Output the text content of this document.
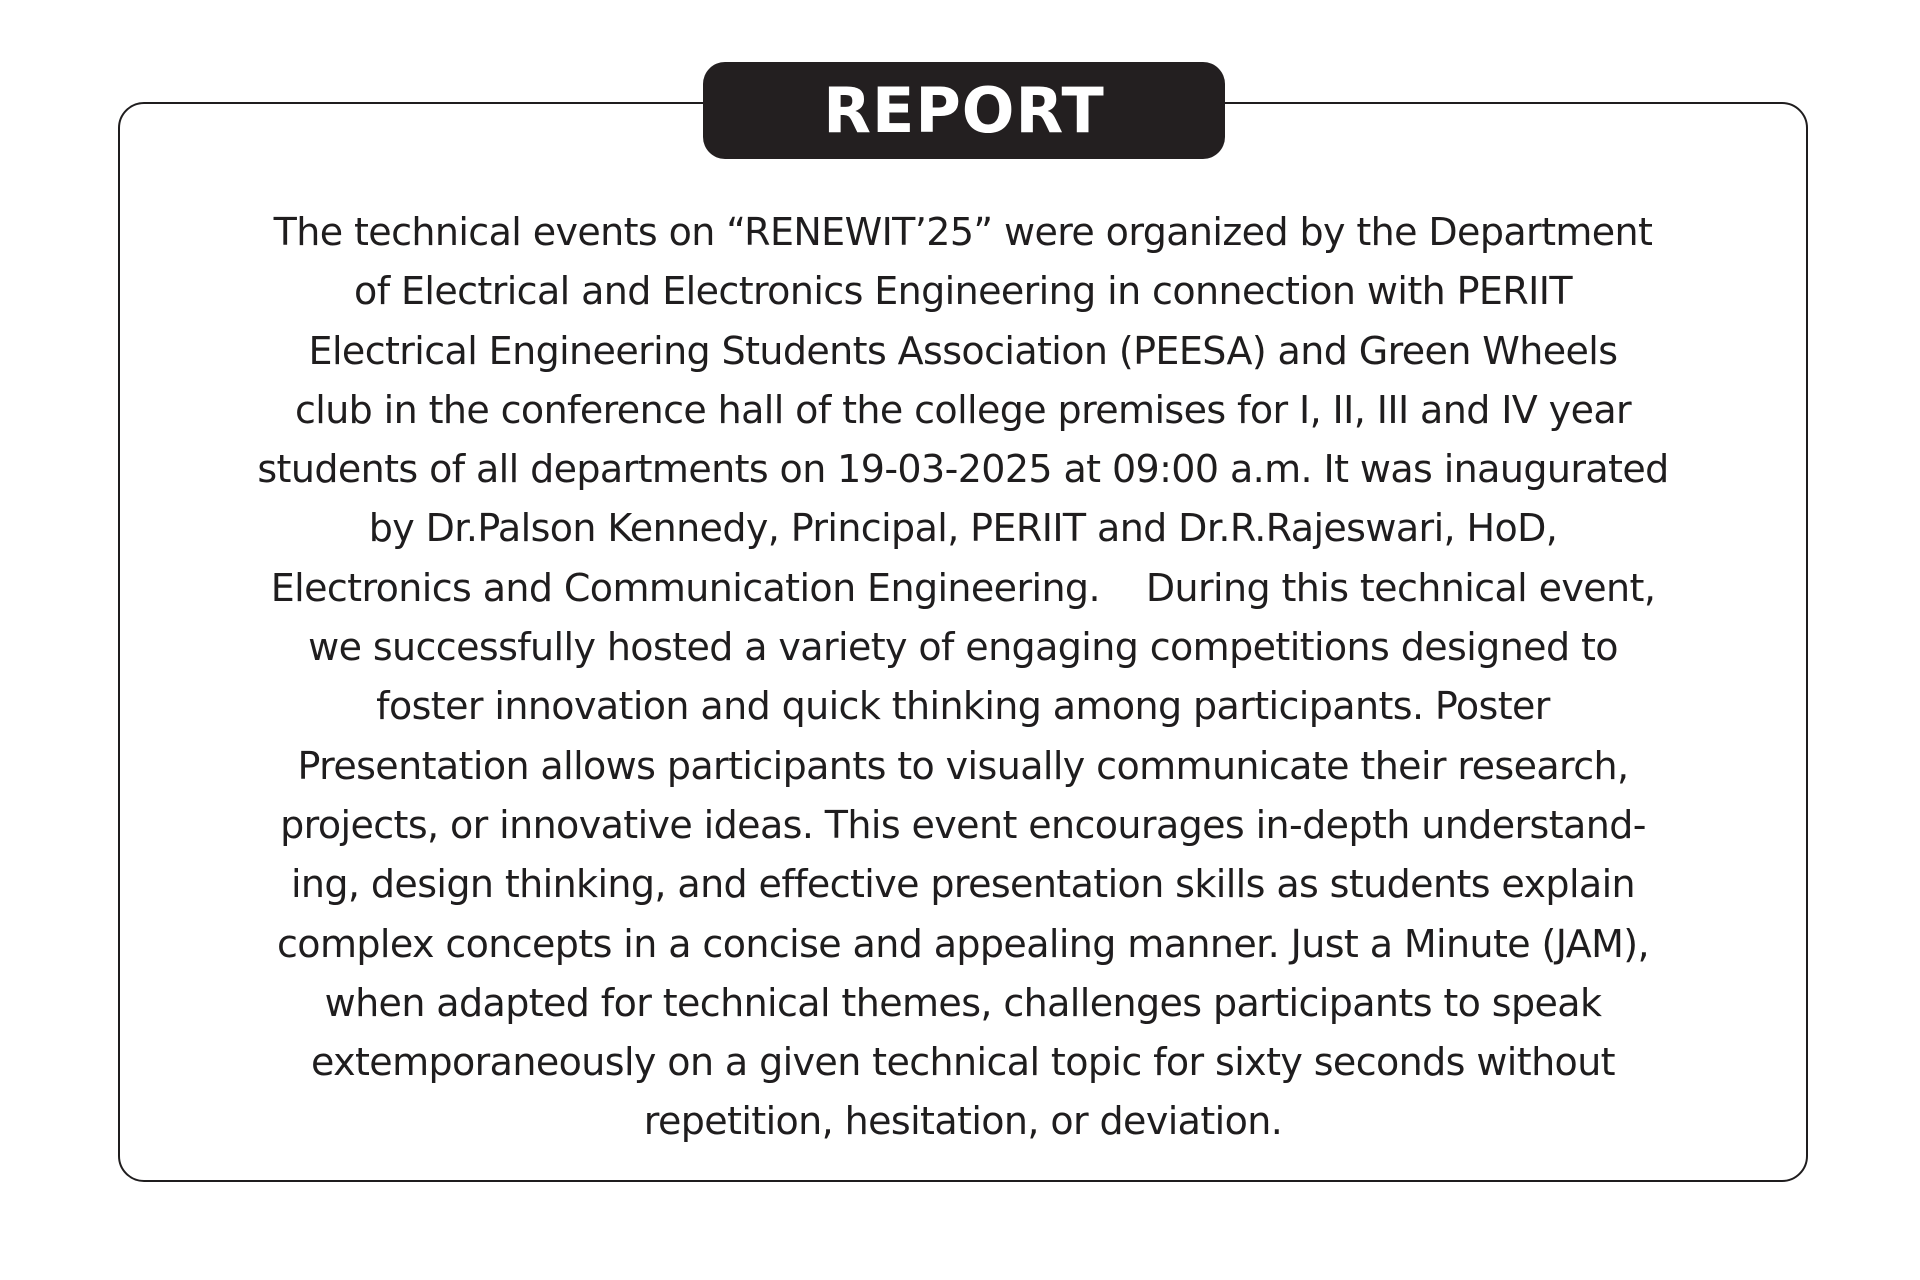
REPORT

The technical events on “RENEWIT’25” were organized by the Department
of Electrical and Electronics Engineering in connection with PERIIT
Electrical Engineering Students Association (PEESA) and Green Wheels
club in the conference hall of the college premises for I, II, III and IV year
students of all departments on 19-03-2025 at 09:00 a.m. It was inaugurated
by Dr.Palson Kennedy, Principal, PERIIT and Dr.R.Rajeswari, HoD,
Electronics and Communication Engineering.    During this technical event,
we successfully hosted a variety of engaging competitions designed to
foster innovation and quick thinking among participants. Poster
Presentation allows participants to visually communicate their research,
projects, or innovative ideas. This event encourages in-depth understand-
ing, design thinking, and effective presentation skills as students explain
complex concepts in a concise and appealing manner. Just a Minute (JAM),
when adapted for technical themes, challenges participants to speak
extemporaneously on a given technical topic for sixty seconds without
repetition, hesitation, or deviation.
